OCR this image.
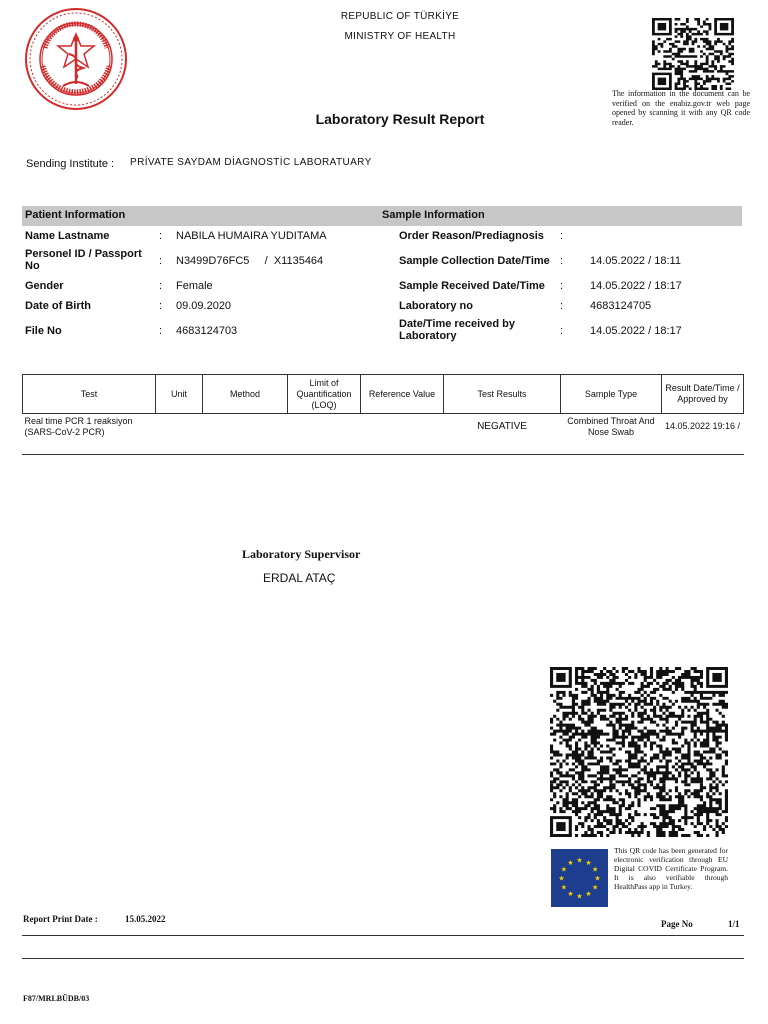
REPUBLIC OF TÜRKİYE
MINISTRY OF HEALTH
Laboratory Result Report
The information in the document can be verified on the enabiz.gov.tr web page opened by scanning it with any QR code reader.
Sending Institute : PRİVATE SAYDAM DİAGNOSTİC LABORATUARY
Patient Information	Sample Information
Name Lastname	: NABILA HUMAIRA YUDITAMA
Personel ID / Passport No	: N3499D76FC5     /  X1135464
Gender	: Female
Date of Birth	: 09.09.2020
File No	: 4683124703
Order Reason/Prediagnosis :
Sample Collection Date/Time : 14.05.2022 / 18:11
Sample Received Date/Time : 14.05.2022 / 18:17
Laboratory no	: 4683124705
Date/Time received by Laboratory	: 14.05.2022 / 18:17
Test	Unit	Method	Limit of Quantification (LOQ)	Reference Value	Test Results	Sample Type	Result Date/Time / Approved by
Real time PCR 1 reaksiyon (SARS-CoV-2 PCR)					NEGATIVE	Combined Throat And Nose Swab	14.05.2022 19:16 /
Laboratory Supervisor
ERDAL ATAÇ
★ ★
★
★
★
★
★
★
★
★
★
★
This QR code has been generated for electronic verification through EU Digital COVID Certificate Program. It is also verifiable through HealthPass app in Turkey.
Report Print Date :	15.05.2022	Page No	1/1
F87/MRLBÜDB/03
